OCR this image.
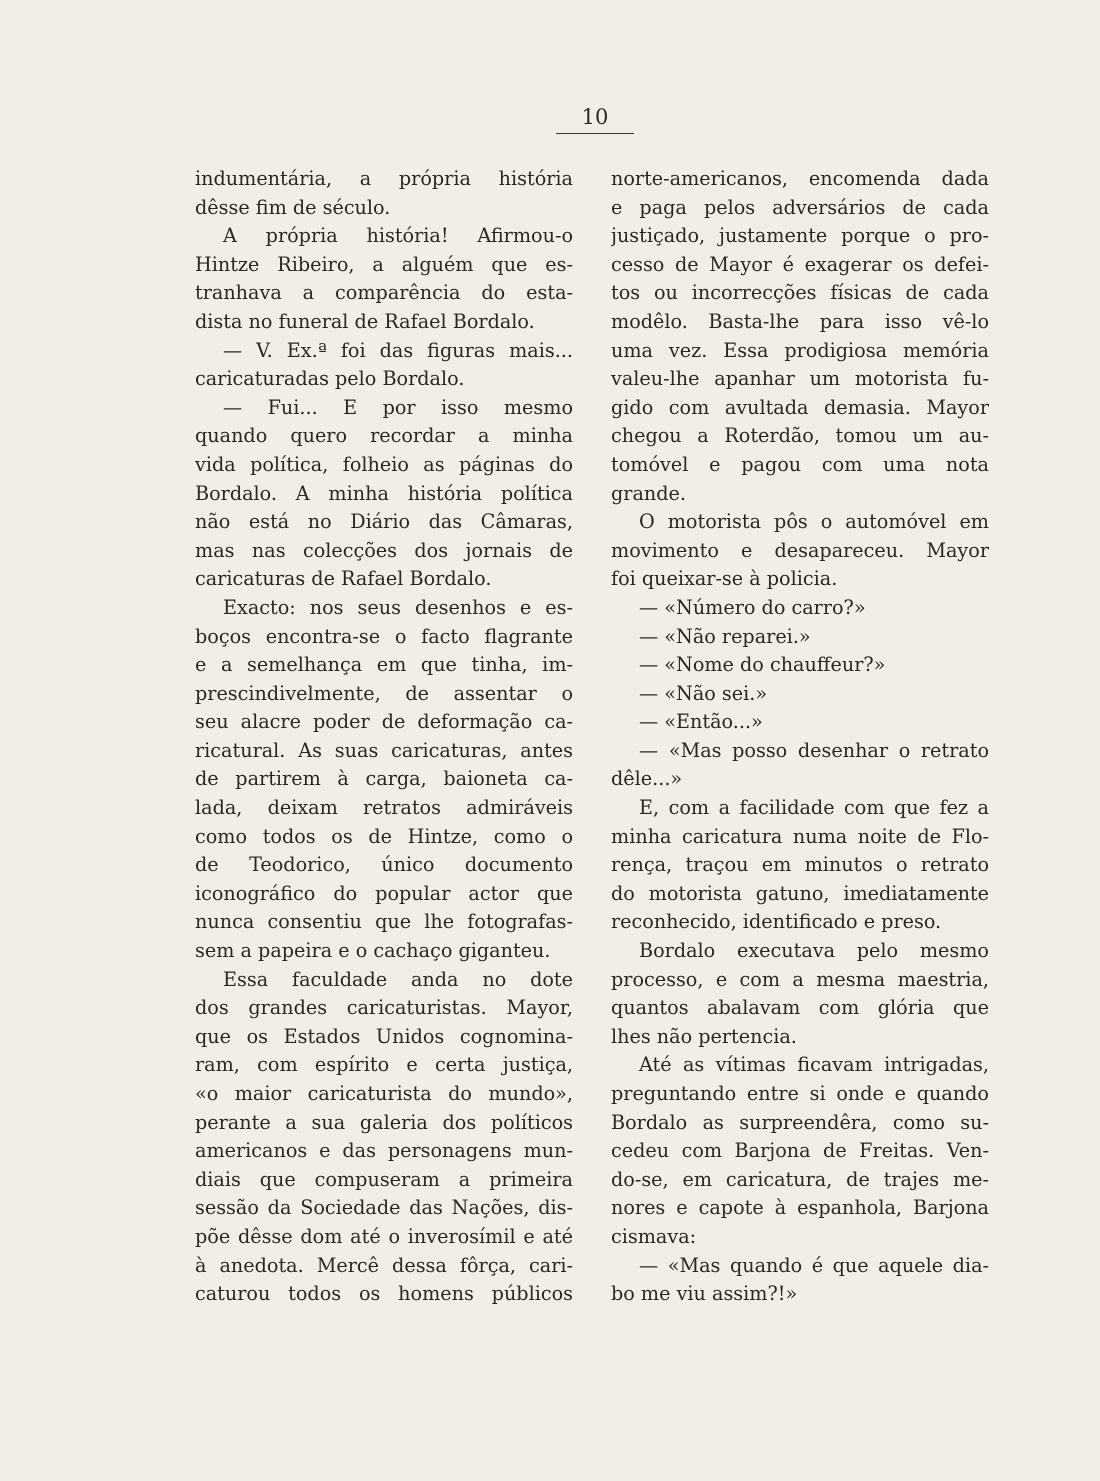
10
indumentária, a própria história
dêsse fim de século.
A própria história! Afirmou-o
Hintze Ribeiro, a alguém que es-
tranhava a comparência do esta-
dista no funeral de Rafael Bordalo.
— V. Ex.ª foi das figuras mais...
caricaturadas pelo Bordalo.
— Fui... E por isso mesmo
quando quero recordar a minha
vida política, folheio as páginas do
Bordalo. A minha história política
não está no Diário das Câmaras,
mas nas colecções dos jornais de
caricaturas de Rafael Bordalo.
Exacto: nos seus desenhos e es-
boços encontra-se o facto flagrante
e a semelhança em que tinha, im-
prescindivelmente, de assentar o
seu alacre poder de deformação ca-
ricatural. As suas caricaturas, antes
de partirem à carga, baioneta ca-
lada, deixam retratos admiráveis
como todos os de Hintze, como o
de Teodorico, único documento
iconográfico do popular actor que
nunca consentiu que lhe fotografas-
sem a papeira e o cachaço giganteu.
Essa faculdade anda no dote
dos grandes caricaturistas. Mayor,
que os Estados Unidos cognomina-
ram, com espírito e certa justiça,
«o maior caricaturista do mundo»,
perante a sua galeria dos políticos
americanos e das personagens mun-
diais que compuseram a primeira
sessão da Sociedade das Nações, dis-
põe dêsse dom até o inverosímil e até
à anedota. Mercê dessa fôrça, cari-
caturou todos os homens públicos
norte-americanos, encomenda dada
e paga pelos adversários de cada
justiçado, justamente porque o pro-
cesso de Mayor é exagerar os defei-
tos ou incorrecções físicas de cada
modêlo. Basta-lhe para isso vê-lo
uma vez. Essa prodigiosa memória
valeu-lhe apanhar um motorista fu-
gido com avultada demasia. Mayor
chegou a Roterdão, tomou um au-
tomóvel e pagou com uma nota
grande.
O motorista pôs o automóvel em
movimento e desapareceu. Mayor
foi queixar-se à policia.
— «Número do carro?»
— «Não reparei.»
— «Nome do chauffeur?»
— «Não sei.»
— «Então...»
— «Mas posso desenhar o retrato
dêle...»
E, com a facilidade com que fez a
minha caricatura numa noite de Flo-
rença, traçou em minutos o retrato
do motorista gatuno, imediatamente
reconhecido, identificado e preso.
Bordalo executava pelo mesmo
processo, e com a mesma maestria,
quantos abalavam com glória que
lhes não pertencia.
Até as vítimas ficavam intrigadas,
preguntando entre si onde e quando
Bordalo as surpreendêra, como su-
cedeu com Barjona de Freitas. Ven-
do-se, em caricatura, de trajes me-
nores e capote à espanhola, Barjona
cismava:
— «Mas quando é que aquele dia-
bo me viu assim?!»
